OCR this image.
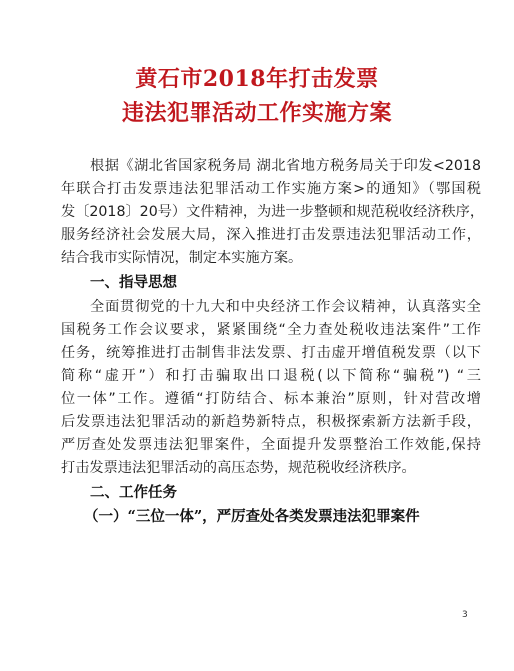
黄石市2018年打击发票
违法犯罪活动工作实施方案
根据《湖北省国家税务局 湖北省地方税务局关于印发<2018
年联合打击发票违法犯罪活动工作实施方案>的通知》（鄂国税
发〔2018〕20号）文件精神，为进一步整顿和规范税收经济秩序，
服务经济社会发展大局，深入推进打击发票违法犯罪活动工作，
结合我市实际情况，制定本实施方案。
一、指导思想
全面贯彻党的十九大和中央经济工作会议精神，认真落实全
国税务工作会议要求，紧紧围绕“全力查处税收违法案件”工作
任务，统筹推进打击制售非法发票、打击虚开增值税发票（以下
简称“虚开”）和打击骗取出口退税(以下简称“骗税”) “三
位一体”工作。遵循“打防结合、标本兼治”原则，针对营改增
后发票违法犯罪活动的新趋势新特点，积极探索新方法新手段，
严厉查处发票违法犯罪案件，全面提升发票整治工作效能,保持
打击发票违法犯罪活动的高压态势，规范税收经济秩序。
二、工作任务
（一）“三位一体”，严厉查处各类发票违法犯罪案件
3
